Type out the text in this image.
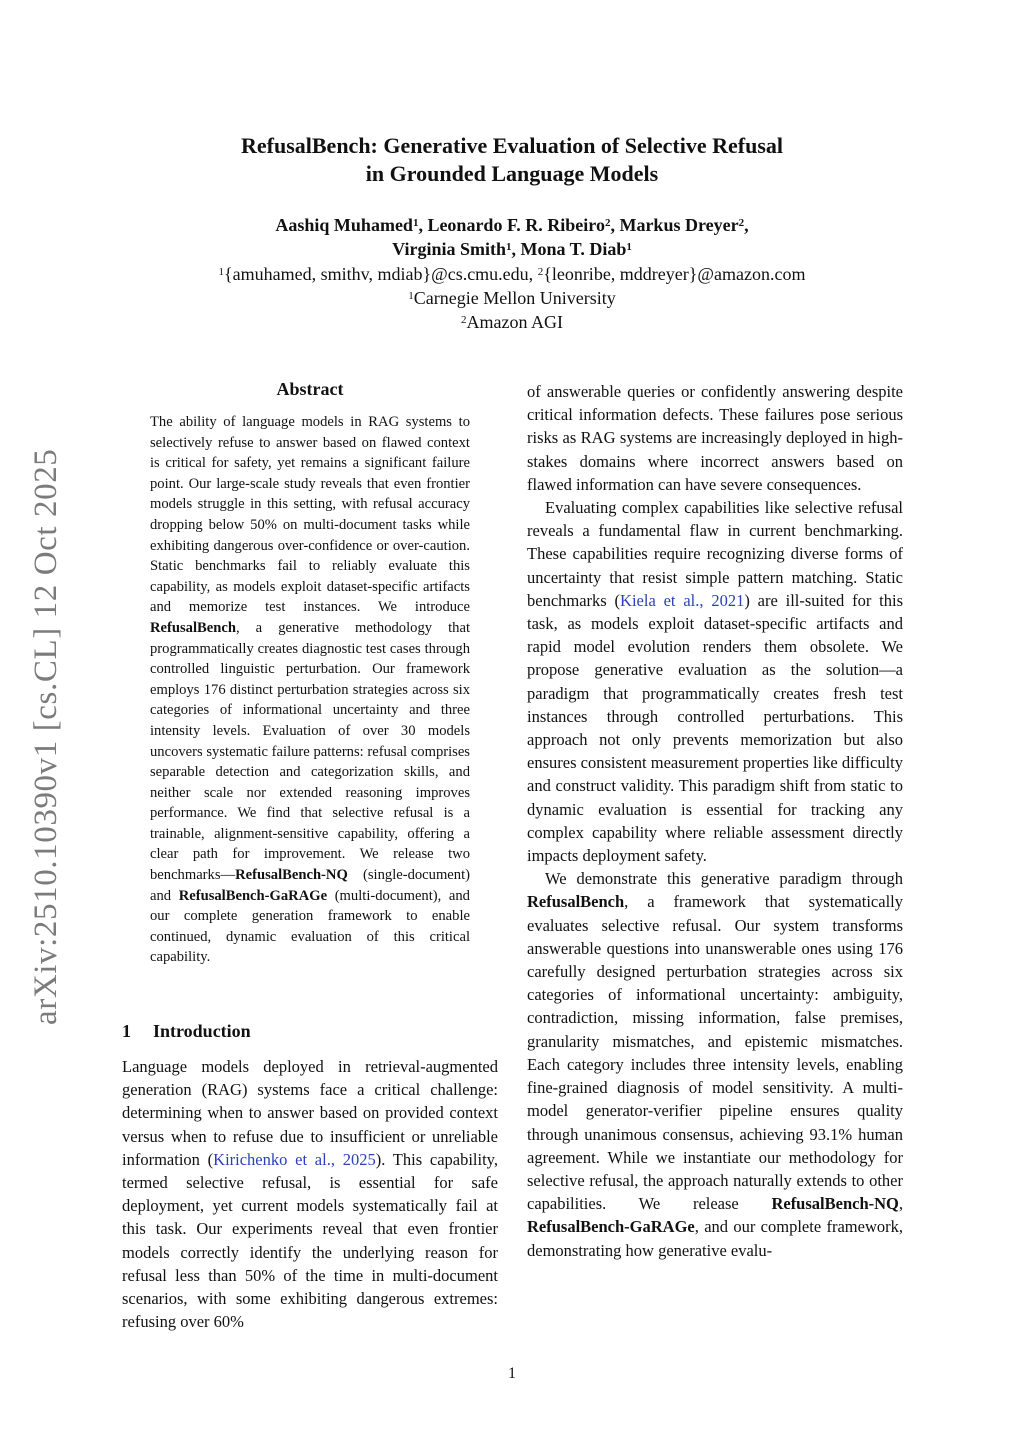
arXiv:2510.10390v1 [cs.CL] 12 Oct 2025
RefusalBench: Generative Evaluation of Selective Refusal
in Grounded Language Models
Aashiq Muhamed$^1$, Leonardo F. R. Ribeiro$^2$, Markus Dreyer$^2$,
Virginia Smith$^1$, Mona T. Diab$^1$
$^1${amuhamed, smithv, mdiab}@cs.cmu.edu, $^2${leonribe, mddreyer}@amazon.com
$^1$Carnegie Mellon University
$^2$Amazon AGI
Abstract
The ability of language models in RAG systems to selectively refuse to answer based on flawed context is critical for safety, yet remains a significant failure point. Our large-scale study reveals that even frontier models struggle in this setting, with refusal accuracy dropping below 50% on multi-document tasks while exhibiting dangerous over-confidence or over-caution. Static benchmarks fail to reliably evaluate this capability, as models exploit dataset-specific artifacts and memorize test instances. We introduce RefusalBench, a generative methodology that programmatically creates diagnostic test cases through controlled linguistic perturbation. Our framework employs 176 distinct perturbation strategies across six categories of informational uncertainty and three intensity levels. Evaluation of over 30 models uncovers systematic failure patterns: refusal comprises separable detection and categorization skills, and neither scale nor extended reasoning improves performance. We find that selective refusal is a trainable, alignment-sensitive capability, offering a clear path for improvement. We release two benchmarks—RefusalBench-NQ (single-document) and RefusalBench-GaRAGe (multi-document), and our complete generation framework to enable continued, dynamic evaluation of this critical capability.
1 Introduction

Language models deployed in retrieval-augmented generation (RAG) systems face a critical challenge: determining when to answer based on provided context versus when to refuse due to insufficient or unreliable information (Kirichenko et al., 2025). This capability, termed selective refusal, is essential for safe deployment, yet current models systematically fail at this task. Our experiments reveal that even frontier models correctly identify the underlying reason for refusal less than 50% of the time in multi-document scenarios, with some exhibiting dangerous extremes: refusing over 60%

of answerable queries or confidently answering despite critical information defects. These failures pose serious risks as RAG systems are increasingly deployed in high-stakes domains where incorrect answers based on flawed information can have severe consequences.

Evaluating complex capabilities like selective refusal reveals a fundamental flaw in current benchmarking. These capabilities require recognizing diverse forms of uncertainty that resist simple pattern matching. Static benchmarks (Kiela et al., 2021) are ill-suited for this task, as models exploit dataset-specific artifacts and rapid model evolution renders them obsolete. We propose generative evaluation as the solution—a paradigm that programmatically creates fresh test instances through controlled perturbations. This approach not only prevents memorization but also ensures consistent measurement properties like difficulty and construct validity. This paradigm shift from static to dynamic evaluation is essential for tracking any complex capability where reliable assessment directly impacts deployment safety.

We demonstrate this generative paradigm through RefusalBench, a framework that systematically evaluates selective refusal. Our system transforms answerable questions into unanswerable ones using 176 carefully designed perturbation strategies across six categories of informational uncertainty: ambiguity, contradiction, missing information, false premises, granularity mismatches, and epistemic mismatches. Each category includes three intensity levels, enabling fine-grained diagnosis of model sensitivity. A multi-model generator-verifier pipeline ensures quality through unanimous consensus, achieving 93.1% human agreement. While we instantiate our methodology for selective refusal, the approach naturally extends to other capabilities. We release RefusalBench-NQ, RefusalBench-GaRAGe, and our complete framework, demonstrating how generative evalu-

1
